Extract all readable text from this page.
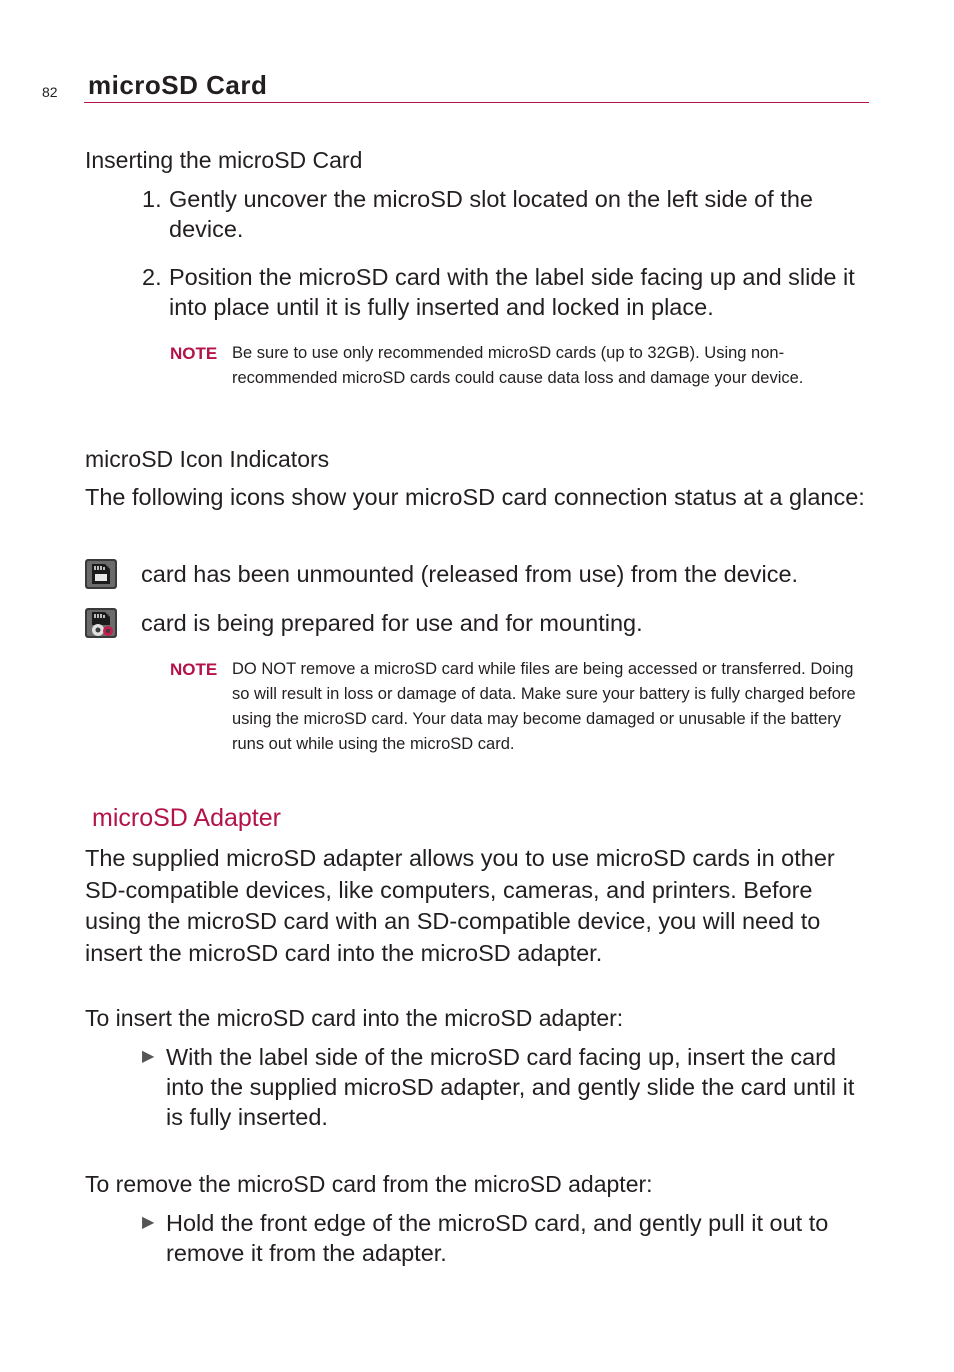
82 microSD Card
Inserting the microSD Card
1. Gently uncover the microSD slot located on the left side of the device.
2. Position the microSD card with the label side facing up and slide it into place until it is fully inserted and locked in place.
NOTE Be sure to use only recommended microSD cards (up to 32GB). Using non-recommended microSD cards could cause data loss and damage your device.
microSD Icon Indicators
The following icons show your microSD card connection status at a glance:
card has been unmounted (released from use) from the device.
card is being prepared for use and for mounting.
NOTE DO NOT remove a microSD card while files are being accessed or transferred. Doing so will result in loss or damage of data. Make sure your battery is fully charged before using the microSD card. Your data may become damaged or unusable if the battery runs out while using the microSD card.
microSD Adapter
The supplied microSD adapter allows you to use microSD cards in other SD-compatible devices, like computers, cameras, and printers. Before using the microSD card with an SD-compatible device, you will need to insert the microSD card into the microSD adapter.
To insert the microSD card into the microSD adapter:
▶ With the label side of the microSD card facing up, insert the card into the supplied microSD adapter, and gently slide the card until it is fully inserted.
To remove the microSD card from the microSD adapter:
▶ Hold the front edge of the microSD card, and gently pull it out to remove it from the adapter.
